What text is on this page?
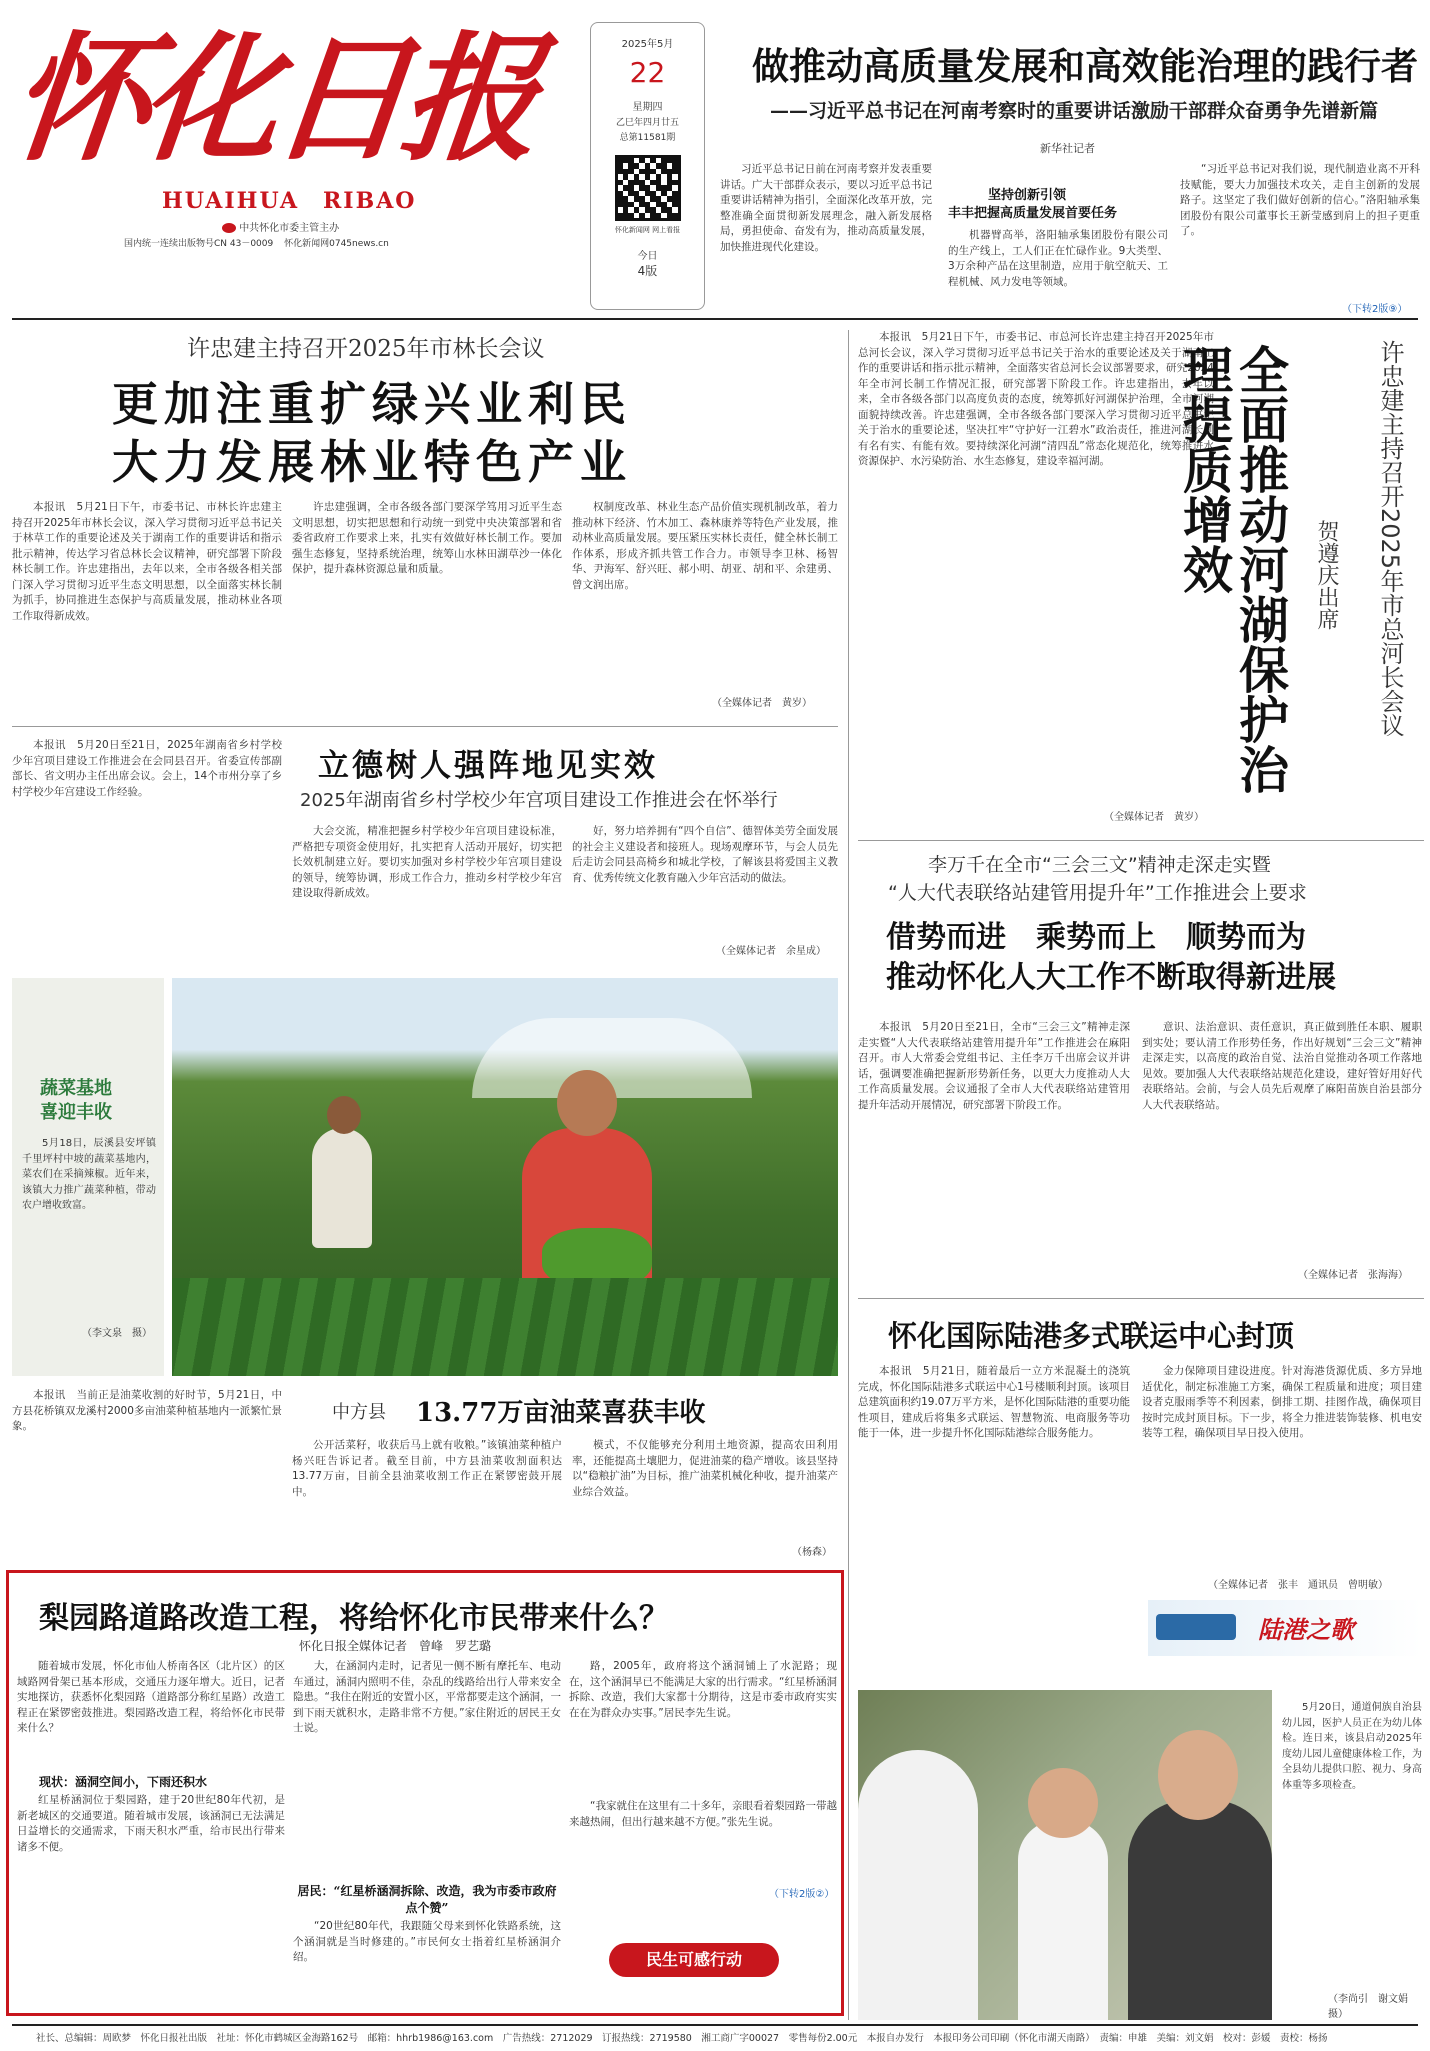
怀化日报
HUAIHUA　RIBAO
中共怀化市委主管主办
国内统一连续出版物号CN 43－0009 怀化新闻网0745news.cn
2025年5月
22
星期四
乙巳年四月廿五
总第11581期
怀化新闻网 网上看报
今日
4版
做推动高质量发展和高效能治理的践行者
——习近平总书记在河南考察时的重要讲话激励干部群众奋勇争先谱新篇
新华社记者
习近平总书记日前在河南考察并发表重要讲话。广大干部群众表示，要以习近平总书记重要讲话精神为指引，全面深化改革开放，完整准确全面贯彻新发展理念，融入新发展格局，勇担使命、奋发有为，推动高质量发展，加快推进现代化建设。
坚持创新引领
丰丰把握高质量发展首要任务
机器臂高举，洛阳轴承集团股份有限公司的生产线上，工人们正在忙碌作业。9大类型、3万余种产品在这里制造，应用于航空航天、工程机械、风力发电等领域。
“习近平总书记对我们说，现代制造业离不开科技赋能，要大力加强技术攻关，走自主创新的发展路子。这坚定了我们做好创新的信心。”洛阳轴承集团股份有限公司董事长王新莹感到肩上的担子更重了。
（下转2版⑨）
许忠建主持召开2025年市林长会议
更加注重扩绿兴业利民
大力发展林业特色产业
本报讯　5月21日下午，市委书记、市林长许忠建主持召开2025年市林长会议，深入学习贯彻习近平总书记关于林草工作的重要论述及关于湖南工作的重要讲话和指示批示精神，传达学习省总林长会议精神，研究部署下阶段林长制工作。许忠建指出，去年以来，全市各级各相关部门深入学习贯彻习近平生态文明思想，以全面落实林长制为抓手，协同推进生态保护与高质量发展，推动林业各项工作取得新成效。
许忠建强调，全市各级各部门要深学笃用习近平生态文明思想，切实把思想和行动统一到党中央决策部署和省委省政府工作要求上来，扎实有效做好林长制工作。要加强生态修复，坚持系统治理，统筹山水林田湖草沙一体化保护，提升森林资源总量和质量。
权制度改革、林业生态产品价值实现机制改革，着力推动林下经济、竹木加工、森林康养等特色产业发展，推动林业高质量发展。要压紧压实林长责任，健全林长制工作体系，形成齐抓共管工作合力。市领导李卫林、杨智华、尹海军、舒兴旺、郝小明、胡亚、胡和平、余建勇、曾文润出席。
（全媒体记者　黄岁）
本报讯　5月20日至21日，2025年湖南省乡村学校少年宫项目建设工作推进会在会同县召开。省委宣传部副部长、省文明办主任出席会议。会上，14个市州分享了乡村学校少年宫建设工作经验。
立德树人强阵地见实效
2025年湖南省乡村学校少年宫项目建设工作推进会在怀举行
大会交流，精准把握乡村学校少年宫项目建设标准，严格把专项资金使用好，扎实把育人活动开展好，切实把长效机制建立好。要切实加强对乡村学校少年宫项目建设的领导，统筹协调，形成工作合力，推动乡村学校少年宫建设取得新成效。
好，努力培养拥有“四个自信”、德智体美劳全面发展的社会主义建设者和接班人。现场观摩环节，与会人员先后走访会同县高椅乡和城北学校，了解该县将爱国主义教育、优秀传统文化教育融入少年宫活动的做法。
（全媒体记者　余星成）
蔬菜基地
喜迎丰收
5月18日，辰溪县安坪镇千里坪村中坡的蔬菜基地内，菜农们在采摘辣椒。近年来，该镇大力推广蔬菜种植，带动农户增收致富。
（李文泉　摄）
本报讯　当前正是油菜收割的好时节，5月21日，中方县花桥镇双龙溪村2000多亩油菜种植基地内一派繁忙景象。
中方县 13.77万亩油菜喜获丰收
公开活菜籽，收获后马上就有收粮。”该镇油菜种植户杨兴旺告诉记者。截至目前，中方县油菜收割面积达13.77万亩，目前全县油菜收割工作正在紧锣密鼓开展中。
模式，不仅能够充分利用土地资源，提高农田利用率，还能提高土壤肥力，促进油菜的稳产增收。该县坚持以“稳粮扩油”为目标，推广油菜机械化种收，提升油菜产业综合效益。
（杨森）
梨园路道路改造工程，将给怀化市民带来什么？
怀化日报全媒体记者　曾峰　罗艺璐
随着城市发展，怀化市仙人桥南各区（北片区）的区域路网骨架已基本形成，交通压力逐年增大。近日，记者实地探访，获悉怀化梨园路（道路部分称红星路）改造工程正在紧锣密鼓推进。梨园路改造工程，将给怀化市民带来什么？
现状：涵洞空间小，下雨还积水
红星桥涵洞位于梨园路，建于20世纪80年代初，是新老城区的交通要道。随着城市发展，该涵洞已无法满足日益增长的交通需求，下雨天积水严重，给市民出行带来诸多不便。
大，在涵洞内走时，记者见一侧不断有摩托车、电动车通过，涵洞内照明不佳，杂乱的线路给出行人带来安全隐患。“我住在附近的安置小区，平常都要走这个涵洞，一到下雨天就积水，走路非常不方便。”家住附近的居民王女士说。
居民：“红星桥涵洞拆除、改造，我为市委市政府点个赞”
“20世纪80年代，我跟随父母来到怀化铁路系统，这个涵洞就是当时修建的。”市民何女士指着红星桥涵洞介绍。
路，2005年，政府将这个涵洞铺上了水泥路；现在，这个涵洞早已不能满足大家的出行需求。“红星桥涵洞拆除、改造，我们大家都十分期待，这是市委市政府实实在在为群众办实事。”居民李先生说。
“我家就住在这里有二十多年，亲眼看着梨园路一带越来越热闹，但出行越来越不方便。”张先生说。
（下转2版②）
民生可感行动
本报讯　5月21日下午，市委书记、市总河长许忠建主持召开2025年市总河长会议，深入学习贯彻习近平总书记关于治水的重要论述及关于湖南工作的重要讲话和指示批示精神，全面落实省总河长会议部署要求，研究2024年全市河长制工作情况汇报，研究部署下阶段工作。许忠建指出，去年以来，全市各级各部门以高度负责的态度，统筹抓好河湖保护治理，全市河湖面貌持续改善。许忠建强调，全市各级各部门要深入学习贯彻习近平总书记关于治水的重要论述，坚决扛牢“守护好一江碧水”政治责任，推进河湖长制有名有实、有能有效。要持续深化河湖“清四乱”常态化规范化，统筹推进水资源保护、水污染防治、水生态修复，建设幸福河湖。
（全媒体记者　黄岁）
全面推动河湖保护治理提质增效	许忠建主持召开2025年市总河长会议
贺遵庆出席
李万千在全市“三会三文”精神走深走实暨
“人大代表联络站建管用提升年”工作推进会上要求
借势而进　乘势而上　顺势而为
推动怀化人大工作不断取得新进展
本报讯　5月20日至21日，全市“三会三文”精神走深走实暨“人大代表联络站建管用提升年”工作推进会在麻阳召开。市人大常委会党组书记、主任李万千出席会议并讲话，强调要准确把握新形势新任务，以更大力度推动人大工作高质量发展。会议通报了全市人大代表联络站建管用提升年活动开展情况，研究部署下阶段工作。
意识、法治意识、责任意识，真正做到胜任本职、履职到实处；要认清工作形势任务，作出好规划“三会三文”精神走深走实，以高度的政治自觉、法治自觉推动各项工作落地见效。要加强人大代表联络站规范化建设，建好管好用好代表联络站。会前，与会人员先后观摩了麻阳苗族自治县部分人大代表联络站。
（全媒体记者　张海海）
怀化国际陆港多式联运中心封顶
本报讯　5月21日，随着最后一立方米混凝土的浇筑完成，怀化国际陆港多式联运中心1号楼顺利封顶。该项目总建筑面积约19.07万平方米，是怀化国际陆港的重要功能性项目，建成后将集多式联运、智慧物流、电商服务等功能于一体，进一步提升怀化国际陆港综合服务能力。
金力保障项目建设进度。针对海港货源优质、多方异地适优化，制定标准施工方案，确保工程质量和进度；项目建设者克服雨季等不利因素，倒排工期、挂图作战，确保项目按时完成封顶目标。下一步，将全力推进装饰装修、机电安装等工程，确保项目早日投入使用。
（全媒体记者　张丰　通讯员　曾明敏）
陆港之歌
5月20日，通道侗族自治县幼儿园，医护人员正在为幼儿体检。连日来，该县启动2025年度幼儿园儿童健康体检工作，为全县幼儿提供口腔、视力、身高体重等多项检查。
（李尚引　谢文娟　摄）
社长、总编辑：周欧梦　怀化日报社出版　社址：怀化市鹤城区金海路162号　邮箱：hhrb1986@163.com　广告热线：2712029　订报热线：2719580　湘工商广字00027　零售每份2.00元　本报自办发行　本报印务公司印刷（怀化市湖天南路）　责编：申雄　美编：刘文娟　校对：彭媛　责校：杨扬
